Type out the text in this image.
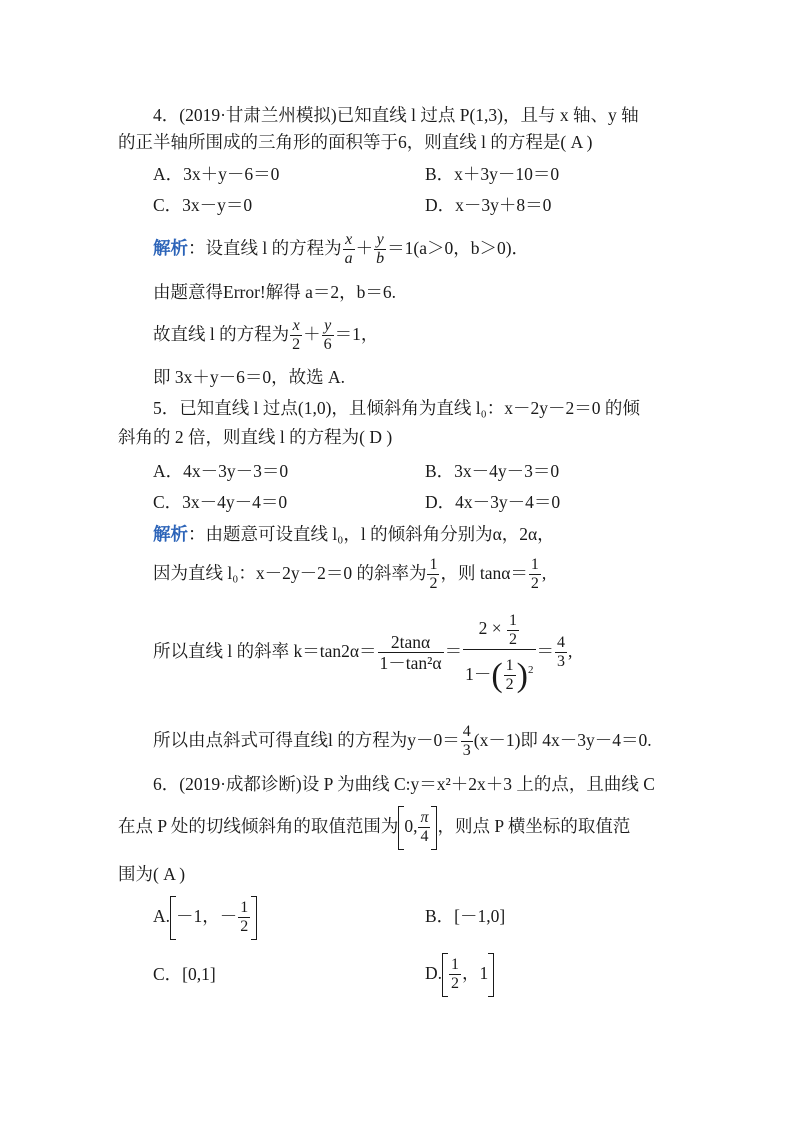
4．(2019·甘肃兰州模拟)已知直线 l 过点 P(1,3)，且与 x 轴、y 轴
的正半轴所围成的三角形的面积等于6，则直线 l 的方程是( A )
A．3x＋y－6＝0	B．x＋3y－10＝0
C．3x－y＝0	D．x－3y＋8＝0
解析：设直线 l 的方程为 $\frac{x}{a} + \frac{y}{b} =1(a>0$，b＞0)．
由题意得Error!解得 a＝2，b＝6.
故直线 l 的方程为 $\frac{x}{2} + \frac{y}{6} =1$，
即 3x＋y－6＝0，故选 A.
5．已知直线 l 过点(1,0)，且倾斜角为直线 l₀：x－2y－2＝0 的倾
斜角的 2 倍，则直线 l 的方程为( D )
A．4x－3y－3＝0	B．3x－4y－3＝0
C．3x－4y－4＝0	D．4x－3y－4＝0
解析：由题意可设直线 l₀，l 的倾斜角分别为α，2α，
因为直线 l₀：x－2y－2＝0 的斜率为 $\frac{1}{2}$ ，则 $\tan\alpha= \frac{1}{2}$ ,
所以直线 l 的斜率 $k=\tan 2\alpha= \frac{2\tan\alpha}{\text{1－tan²α}} = \frac{2 \times \frac{1}{2}}{1-( \frac{1}{2} )^2} = \frac{4}{3}$ ,
所以由点斜式可得直线l 的方程为$y-0= \frac{4}{3} (x-1)$即 4x－3y－4＝0.
6．(2019·成都诊断)设 P 为曲线 C:y＝x²＋2x＋3 上的点，且曲线 C
在点 P 处的切线倾斜角的取值范围为 0, $\frac{\pi}{4}$ ，则点 P 横坐标的取值范
围为( A )
A. －1，－ $\frac{1}{2}$	B．[－1,0]
C．[0,1]	D. $\frac{1}{2}$ ，1
